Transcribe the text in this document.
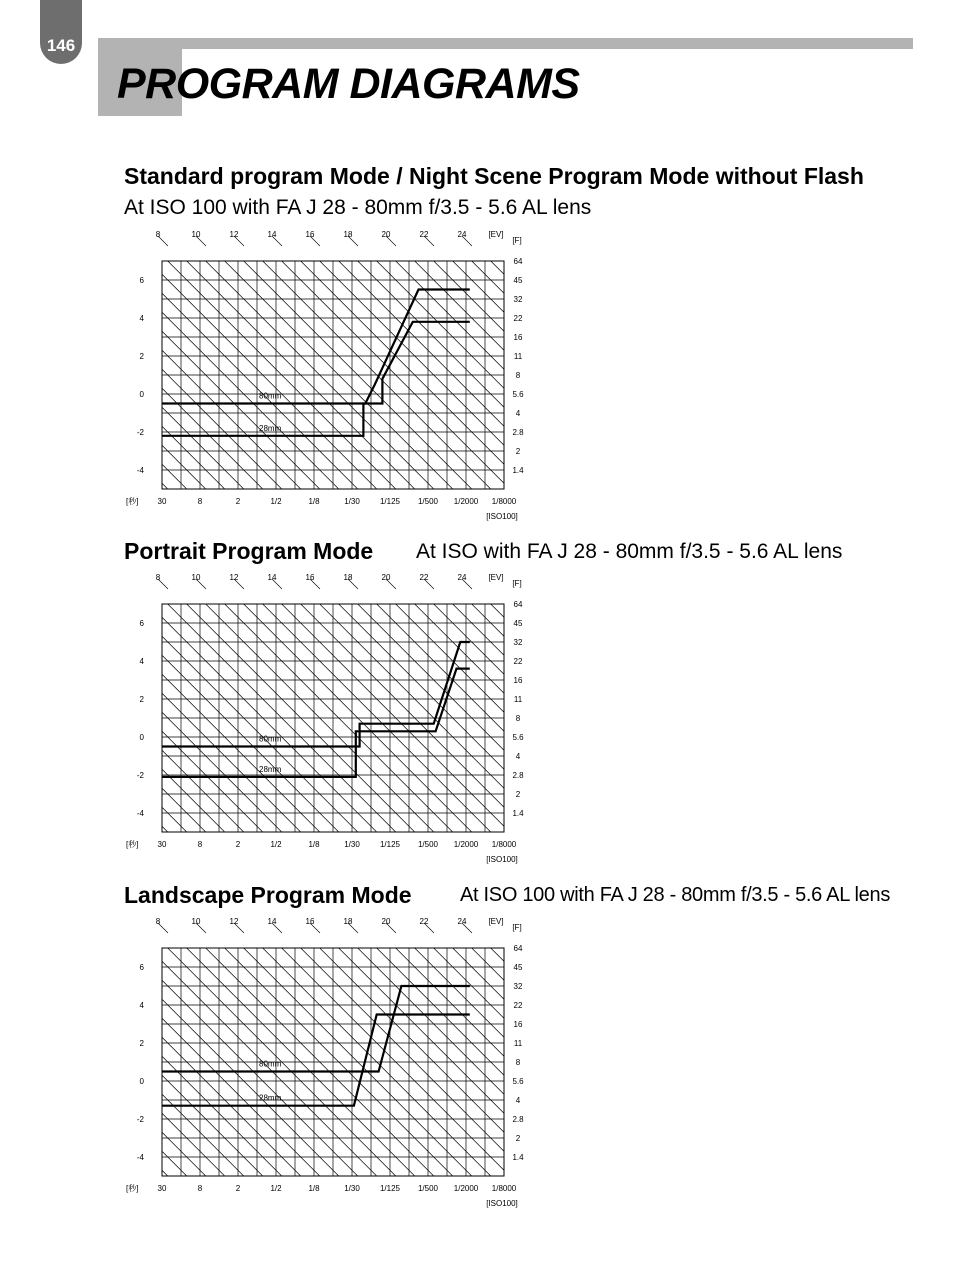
146
PROGRAM DIAGRAMS
Standard program Mode / Night Scene Program Mode without Flash
At ISO 100 with FA J 28 - 80mm f/3.5 - 5.6 AL lens
8	10	12	14	16	18	20	22	24	[EV]
6
4
2
0
-2
-4
[秒]
[F]
64
45
32
22
16
11
8
5.6
4
2.8
2
1.4
30	8	2	1/2	1/8	1/30	1/125 1/500 1/2000 1/8000
[ISO100]
80mm
28mm
Portrait Program Mode At ISO with FA J 28 - 80mm f/3.5 - 5.6 AL lens
8	10	12	14	16	18	20	22	24	[EV]
6
4
2
0
-2
-4
[秒]
[F]
64
45
32
22
16
11
8
5.6
4
2.8
2
1.4
30	8	2	1/2	1/8	1/30	1/125 1/500 1/2000 1/8000
[ISO100]
80mm
28mm
Landscape Program Mode At ISO 100 with FA J 28 - 80mm f/3.5 - 5.6 AL lens
8	10	12	14	16	18	20	22	24	[EV]
6
4
2
0
-2
-4
[秒]
[F]
64
45
32
22
16
11
8
5.6
4
2.8
2
1.4
30	8	2	1/2	1/8	1/30	1/125 1/500 1/2000 1/8000
[ISO100]
80mm
28mm
